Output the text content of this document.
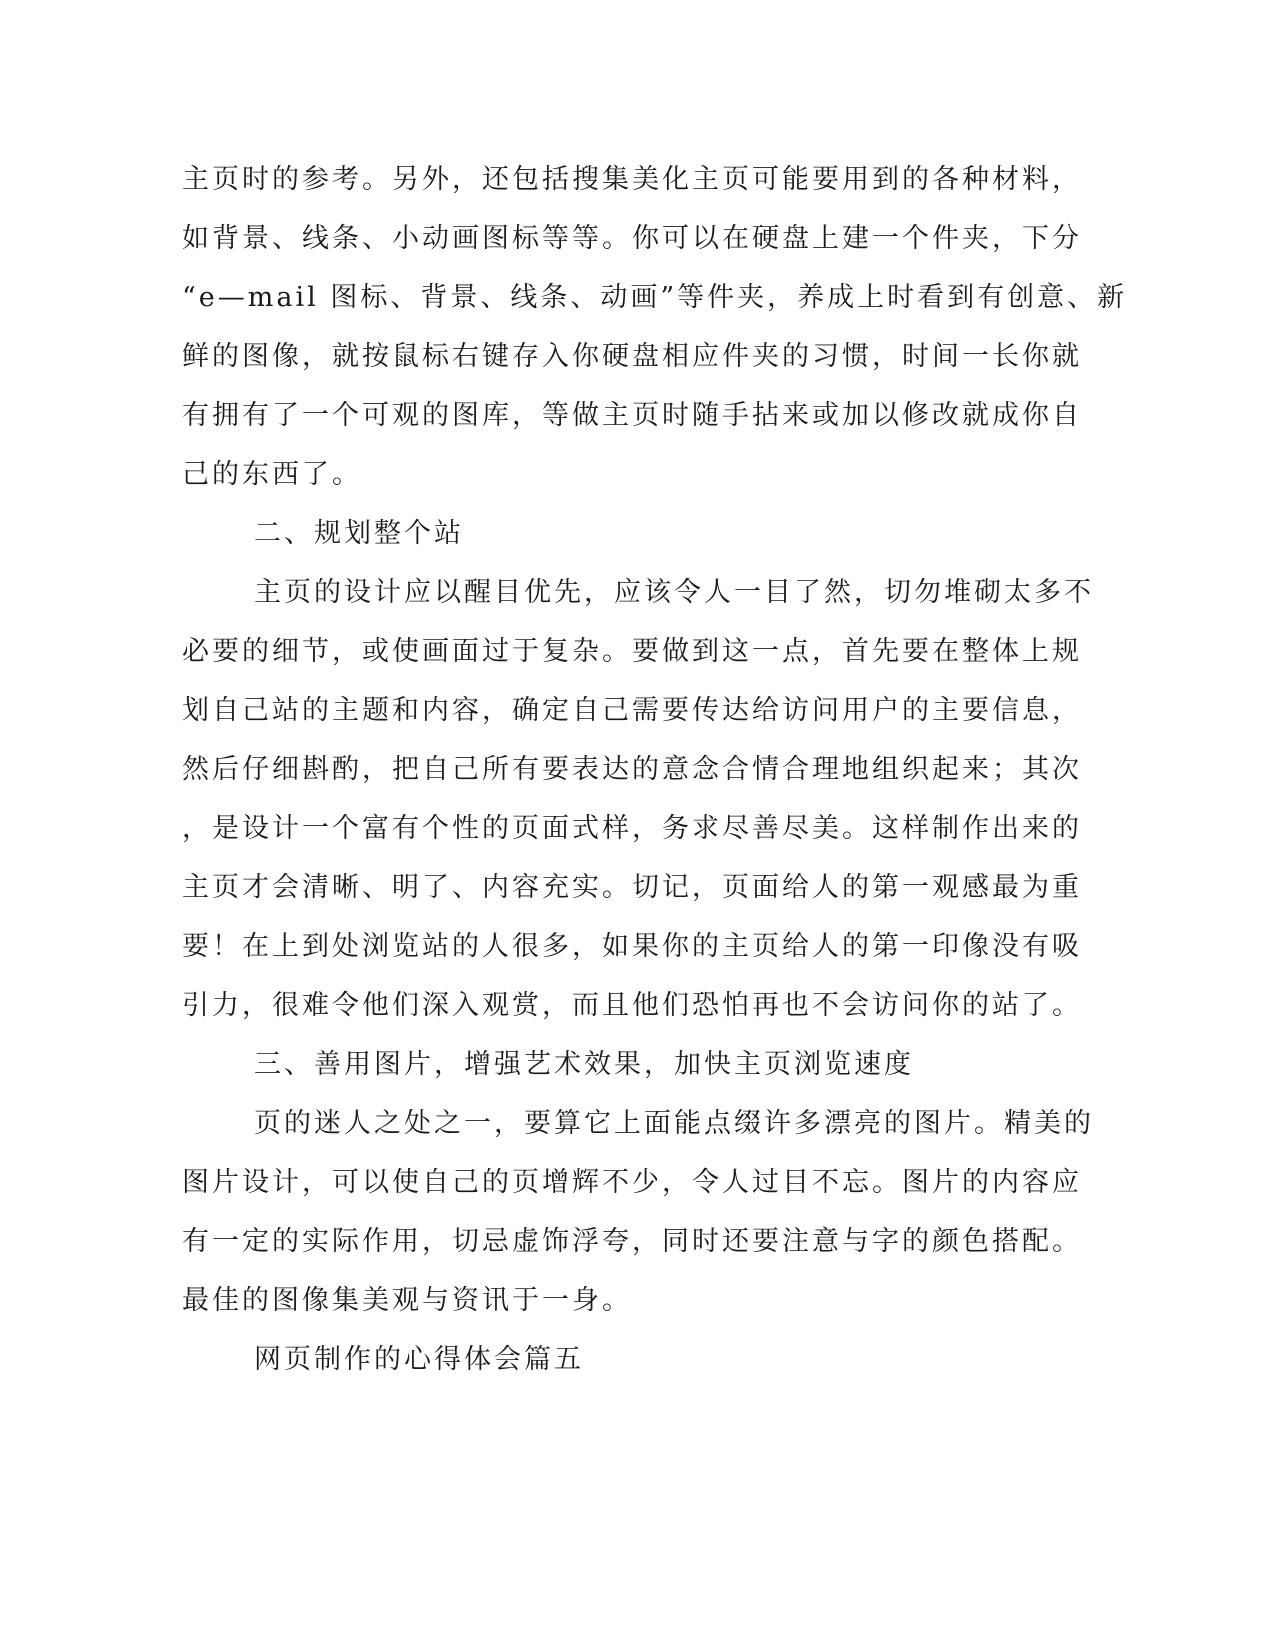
主页时的参考。另外，还包括搜集美化主页可能要用到的各种材料，
如背景、线条、小动画图标等等。你可以在硬盘上建一个件夹，下分
“e—mail 图标、背景、线条、动画”等件夹，养成上时看到有创意、新
鲜的图像，就按鼠标右键存入你硬盘相应件夹的习惯，时间一长你就
有拥有了一个可观的图库，等做主页时随手拈来或加以修改就成你自
己的东西了。
二、规划整个站
主页的设计应以醒目优先，应该令人一目了然，切勿堆砌太多不
必要的细节，或使画面过于复杂。要做到这一点，首先要在整体上规
划自己站的主题和内容，确定自己需要传达给访问用户的主要信息，
然后仔细斟酌，把自己所有要表达的意念合情合理地组织起来；其次
，是设计一个富有个性的页面式样，务求尽善尽美。这样制作出来的
主页才会清晰、明了、内容充实。切记，页面给人的第一观感最为重
要！在上到处浏览站的人很多，如果你的主页给人的第一印像没有吸
引力，很难令他们深入观赏，而且他们恐怕再也不会访问你的站了。
三、善用图片，增强艺术效果，加快主页浏览速度
页的迷人之处之一，要算它上面能点缀许多漂亮的图片。精美的
图片设计，可以使自己的页增辉不少，令人过目不忘。图片的内容应
有一定的实际作用，切忌虚饰浮夸，同时还要注意与字的颜色搭配。
最佳的图像集美观与资讯于一身。
网页制作的心得体会篇五
